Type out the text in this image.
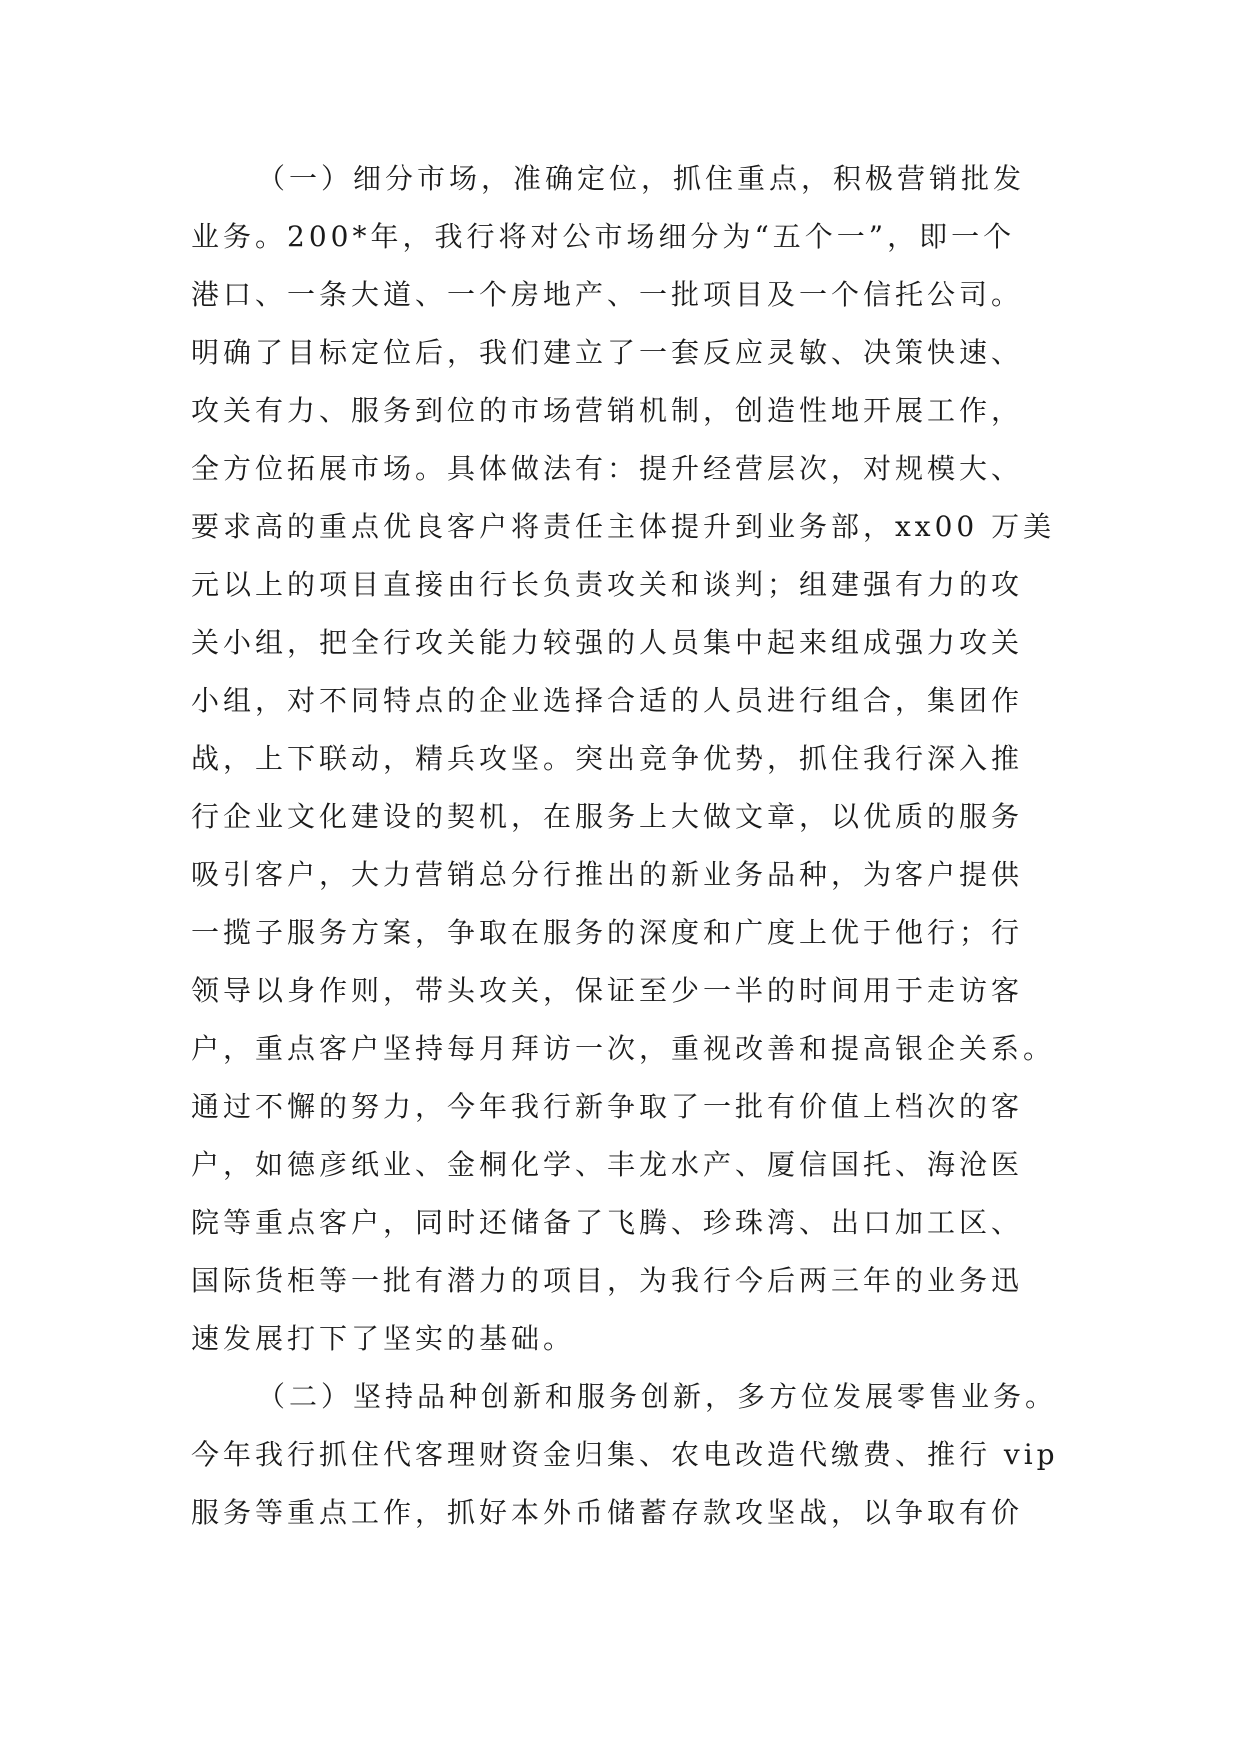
（一）细分市场，准确定位，抓住重点，积极营销批发
业务。200*年，我行将对公市场细分为“五个一”，即一个
港口、一条大道、一个房地产、一批项目及一个信托公司。
明确了目标定位后，我们建立了一套反应灵敏、决策快速、
攻关有力、服务到位的市场营销机制，创造性地开展工作，
全方位拓展市场。具体做法有：提升经营层次，对规模大、
要求高的重点优良客户将责任主体提升到业务部，xx00 万美
元以上的项目直接由行长负责攻关和谈判；组建强有力的攻
关小组，把全行攻关能力较强的人员集中起来组成强力攻关
小组，对不同特点的企业选择合适的人员进行组合，集团作
战，上下联动，精兵攻坚。突出竞争优势，抓住我行深入推
行企业文化建设的契机，在服务上大做文章，以优质的服务
吸引客户，大力营销总分行推出的新业务品种，为客户提供
一揽子服务方案，争取在服务的深度和广度上优于他行；行
领导以身作则，带头攻关，保证至少一半的时间用于走访客
户，重点客户坚持每月拜访一次，重视改善和提高银企关系。
通过不懈的努力，今年我行新争取了一批有价值上档次的客
户，如德彦纸业、金桐化学、丰龙水产、厦信国托、海沧医
院等重点客户，同时还储备了飞腾、珍珠湾、出口加工区、
国际货柜等一批有潜力的项目，为我行今后两三年的业务迅
速发展打下了坚实的基础。
（二）坚持品种创新和服务创新，多方位发展零售业务。
今年我行抓住代客理财资金归集、农电改造代缴费、推行 vip
服务等重点工作，抓好本外币储蓄存款攻坚战，以争取有价
